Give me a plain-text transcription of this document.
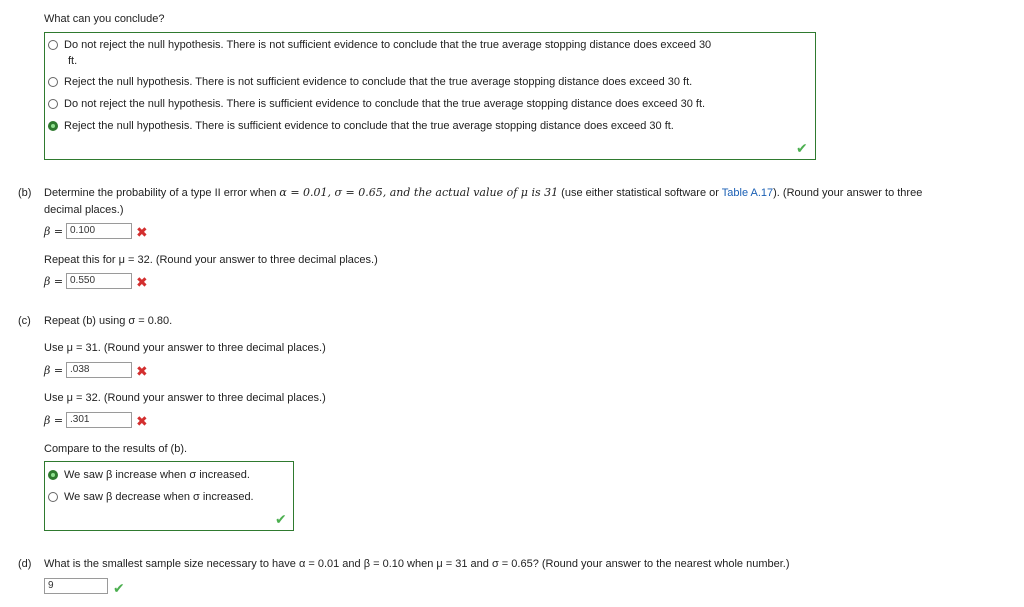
What can you conclude?
Do not reject the null hypothesis. There is not sufficient evidence to conclude that the true average stopping distance does exceed 30
ft.
Reject the null hypothesis. There is not sufficient evidence to conclude that the true average stopping distance does exceed 30 ft.
Do not reject the null hypothesis. There is sufficient evidence to conclude that the true average stopping distance does exceed 30 ft.
Reject the null hypothesis. There is sufficient evidence to conclude that the true average stopping distance does exceed 30 ft.
✔
(b) Determine the probability of a type II error when α = 0.01, σ = 0.65, and the actual value of μ is 31 (use either statistical software or Table A.17). (Round your answer to three
decimal places.)
β = 0.100	✖
Repeat this for μ = 32. (Round your answer to three decimal places.)
β = 0.550	✖
(c) Repeat (b) using σ = 0.80.
Use μ = 31. (Round your answer to three decimal places.)
β = .038	✖
Use μ = 32. (Round your answer to three decimal places.)
β = .301	✖
Compare to the results of (b).
We saw β increase when σ increased.
We saw β decrease when σ increased.
✔
(d) What is the smallest sample size necessary to have α = 0.01 and β = 0.10 when μ = 31 and σ = 0.65? (Round your answer to the nearest whole number.)
9	✔
